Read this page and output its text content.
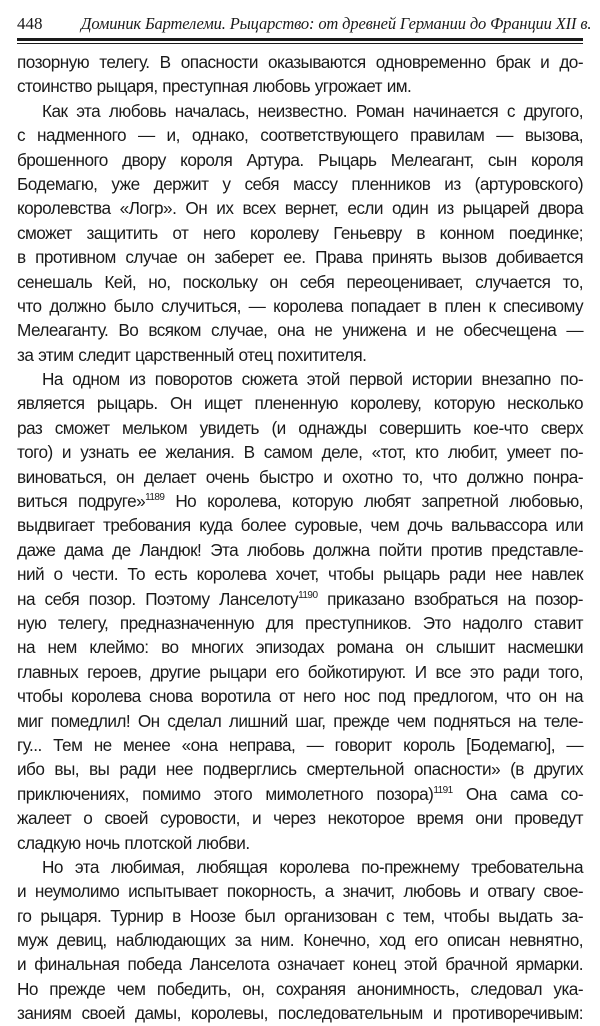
448 Доминик Бартелеми. Рыцарство: от древней Германии до Франции XII в.
позорную телегу. В опасности оказываются одновременно брак и до-
стоинство рыцаря, преступная любовь угрожает им.
Как эта любовь началась, неизвестно. Роман начинается с другого,
с надменного — и, однако, соответствующего правилам — вызова,
брошенного двору короля Артура. Рыцарь Мелеагант, сын короля
Бодемагю, уже держит у себя массу пленников из (артуровского)
королевства «Логр». Он их всех вернет, если один из рыцарей двора
сможет защитить от него королеву Геньевру в конном поединке;
в противном случае он заберет ее. Права принять вызов добивается
сенешаль Кей, но, поскольку он себя переоценивает, случается то,
что должно было случиться, — королева попадает в плен к спесивому
Мелеаганту. Во всяком случае, она не унижена и не обесчещена —
за этим следит царственный отец похитителя.
На одном из поворотов сюжета этой первой истории внезапно по-
является рыцарь. Он ищет плененную королеву, которую несколько
раз сможет мельком увидеть (и однажды совершить кое-что сверх
того) и узнать ее желания. В самом деле, «тот, кто любит, умеет по-
виноваться, он делает очень быстро и охотно то, что должно понра-
виться подруге»$^{1189}$ Но королева, которую любят запретной любовью,
выдвигает требования куда более суровые, чем дочь вальвассора или
даже дама де Ландюк! Эта любовь должна пойти против представле-
ний о чести. То есть королева хочет, чтобы рыцарь ради нее навлек
на себя позор. Поэтому Ланселоту$^{1190}$ приказано взобраться на позор-
ную телегу, предназначенную для преступников. Это надолго ставит
на нем клеймо: во многих эпизодах романа он слышит насмешки
главных героев, другие рыцари его бойкотируют. И все это ради того,
чтобы королева снова воротила от него нос под предлогом, что он на
миг помедлил! Он сделал лишний шаг, прежде чем подняться на теле-
гу... Тем не менее «она неправа, — говорит король [Бодемагю], —
ибо вы, вы ради нее подверглись смертельной опасности» (в других
приключениях, помимо этого мимолетного позора)$^{1191}$ Она сама со-
жалеет о своей суровости, и через некоторое время они проведут
сладкую ночь плотской любви.
Но эта любимая, любящая королева по-прежнему требовательна
и неумолимо испытывает покорность, а значит, любовь и отвагу свое-
го рыцаря. Турнир в Ноозе был организован с тем, чтобы выдать за-
муж девиц, наблюдающих за ним. Конечно, ход его описан невнятно,
и финальная победа Ланселота означает конец этой брачной ярмарки.
Но прежде чем победить, он, сохраняя анонимность, следовал ука-
заниям своей дамы, королевы, последовательным и противоречивым:
